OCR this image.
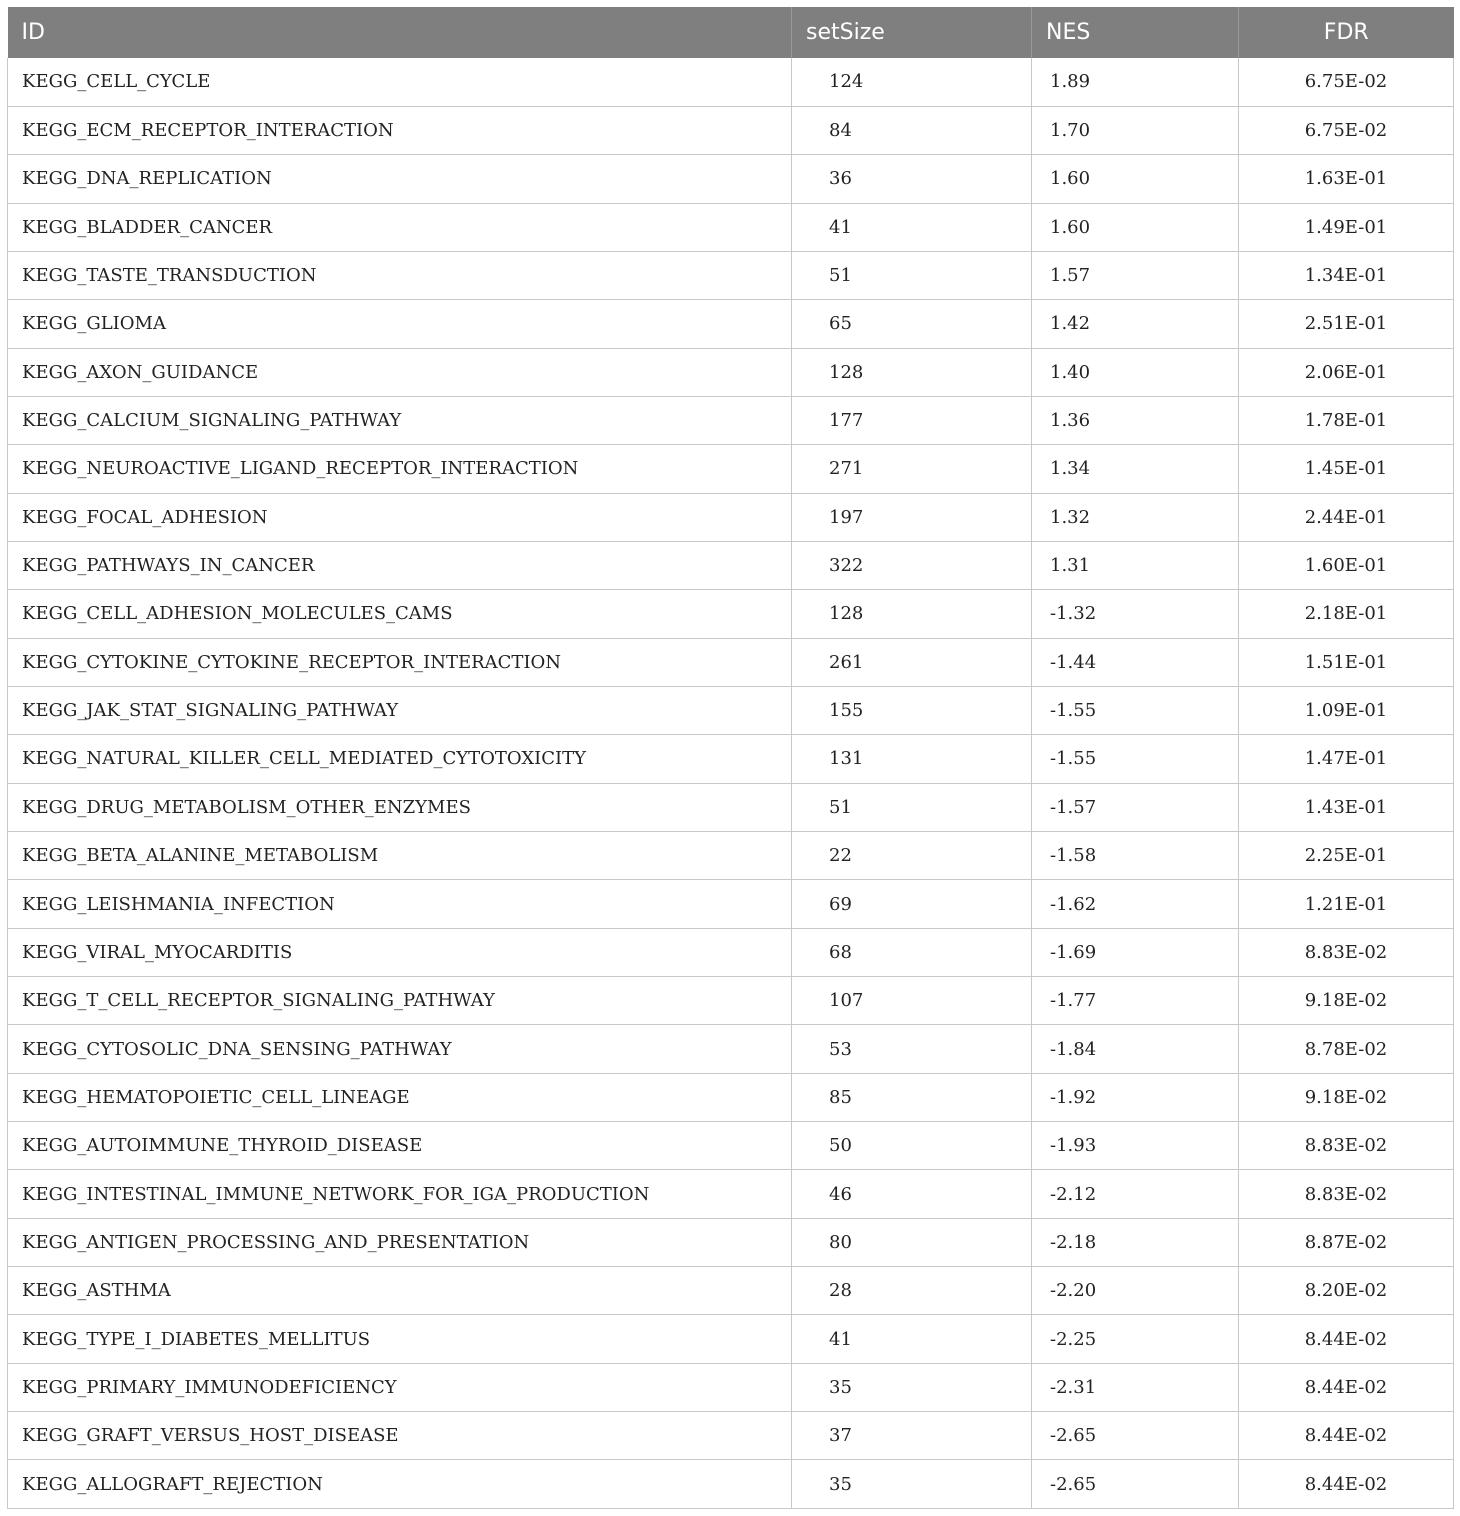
ID	setSize	NES	FDR
KEGG_CELL_CYCLE	124	1.89	6.75E-02
KEGG_ECM_RECEPTOR_INTERACTION	84	1.70	6.75E-02
KEGG_DNA_REPLICATION	36	1.60	1.63E-01
KEGG_BLADDER_CANCER	41	1.60	1.49E-01
KEGG_TASTE_TRANSDUCTION	51	1.57	1.34E-01
KEGG_GLIOMA	65	1.42	2.51E-01
KEGG_AXON_GUIDANCE	128	1.40	2.06E-01
KEGG_CALCIUM_SIGNALING_PATHWAY	177	1.36	1.78E-01
KEGG_NEUROACTIVE_LIGAND_RECEPTOR_INTERACTION	271	1.34	1.45E-01
KEGG_FOCAL_ADHESION	197	1.32	2.44E-01
KEGG_PATHWAYS_IN_CANCER	322	1.31	1.60E-01
KEGG_CELL_ADHESION_MOLECULES_CAMS	128	-1.32	2.18E-01
KEGG_CYTOKINE_CYTOKINE_RECEPTOR_INTERACTION	261	-1.44	1.51E-01
KEGG_JAK_STAT_SIGNALING_PATHWAY	155	-1.55	1.09E-01
KEGG_NATURAL_KILLER_CELL_MEDIATED_CYTOTOXICITY	131	-1.55	1.47E-01
KEGG_DRUG_METABOLISM_OTHER_ENZYMES	51	-1.57	1.43E-01
KEGG_BETA_ALANINE_METABOLISM	22	-1.58	2.25E-01
KEGG_LEISHMANIA_INFECTION	69	-1.62	1.21E-01
KEGG_VIRAL_MYOCARDITIS	68	-1.69	8.83E-02
KEGG_T_CELL_RECEPTOR_SIGNALING_PATHWAY	107	-1.77	9.18E-02
KEGG_CYTOSOLIC_DNA_SENSING_PATHWAY	53	-1.84	8.78E-02
KEGG_HEMATOPOIETIC_CELL_LINEAGE	85	-1.92	9.18E-02
KEGG_AUTOIMMUNE_THYROID_DISEASE	50	-1.93	8.83E-02
KEGG_INTESTINAL_IMMUNE_NETWORK_FOR_IGA_PRODUCTION	46	-2.12	8.83E-02
KEGG_ANTIGEN_PROCESSING_AND_PRESENTATION	80	-2.18	8.87E-02
KEGG_ASTHMA	28	-2.20	8.20E-02
KEGG_TYPE_I_DIABETES_MELLITUS	41	-2.25	8.44E-02
KEGG_PRIMARY_IMMUNODEFICIENCY	35	-2.31	8.44E-02
KEGG_GRAFT_VERSUS_HOST_DISEASE	37	-2.65	8.44E-02
KEGG_ALLOGRAFT_REJECTION	35	-2.65	8.44E-02
